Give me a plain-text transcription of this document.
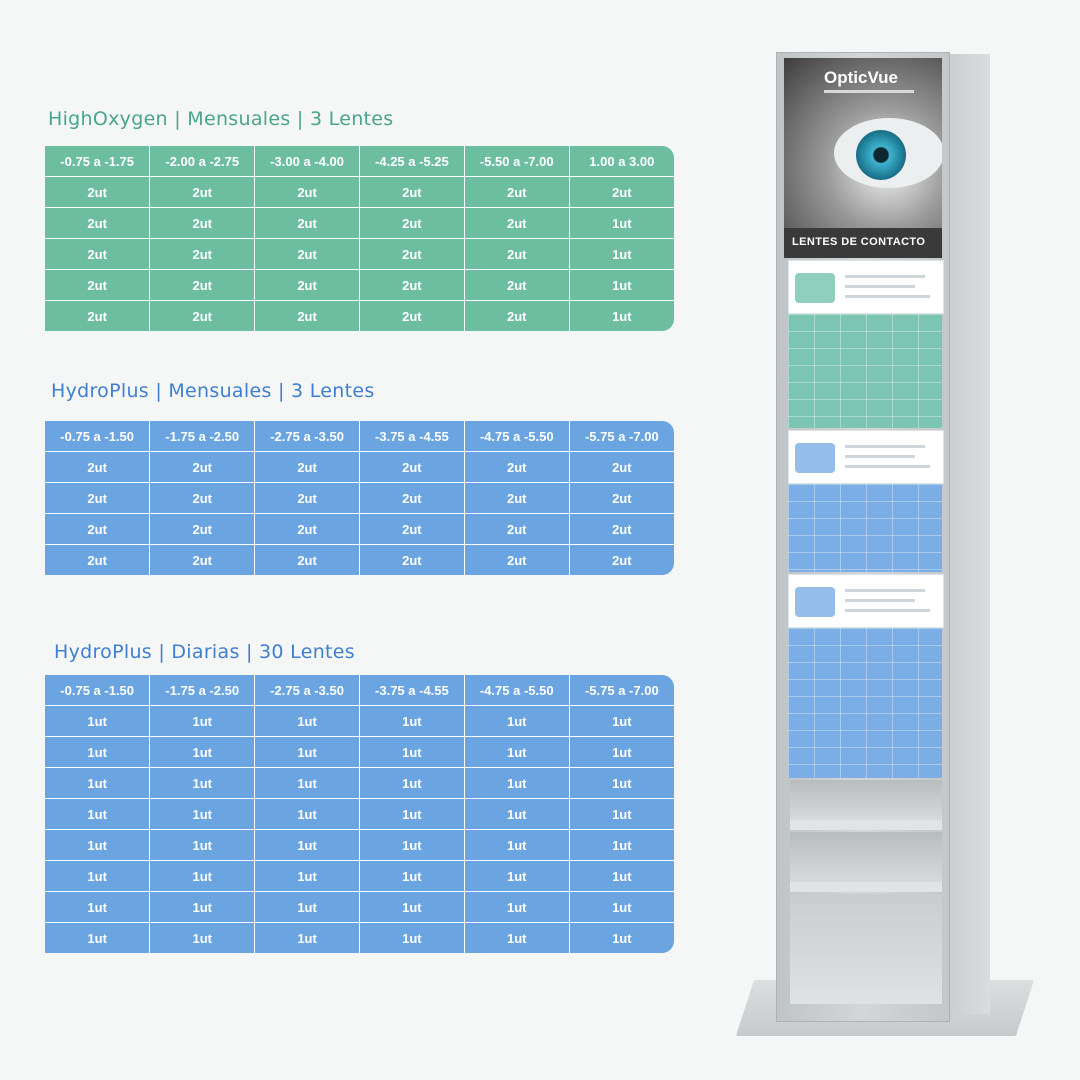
HighOxygen | Mensuales | 3 Lentes
-0.75 a -1.75	-2.00 a -2.75	-3.00 a -4.00	-4.25 a -5.25	-5.50 a -7.00	1.00 a 3.00
2ut	2ut	2ut	2ut	2ut	2ut
2ut	2ut	2ut	2ut	2ut	1ut
2ut	2ut	2ut	2ut	2ut	1ut
2ut	2ut	2ut	2ut	2ut	1ut
2ut	2ut	2ut	2ut	2ut	1ut
HydroPlus | Mensuales | 3 Lentes
-0.75 a -1.50	-1.75 a -2.50	-2.75 a -3.50	-3.75 a -4.55	-4.75 a -5.50	-5.75 a -7.00
2ut	2ut	2ut	2ut	2ut	2ut
2ut	2ut	2ut	2ut	2ut	2ut
2ut	2ut	2ut	2ut	2ut	2ut
2ut	2ut	2ut	2ut	2ut	2ut
HydroPlus | Diarias | 30 Lentes
-0.75 a -1.50	-1.75 a -2.50	-2.75 a -3.50	-3.75 a -4.55	-4.75 a -5.50	-5.75 a -7.00
1ut	1ut	1ut	1ut	1ut	1ut
1ut	1ut	1ut	1ut	1ut	1ut
1ut	1ut	1ut	1ut	1ut	1ut
1ut	1ut	1ut	1ut	1ut	1ut
1ut	1ut	1ut	1ut	1ut	1ut
1ut	1ut	1ut	1ut	1ut	1ut
1ut	1ut	1ut	1ut	1ut	1ut
1ut	1ut	1ut	1ut	1ut	1ut
OpticVue
LENTES DE CONTACTO
